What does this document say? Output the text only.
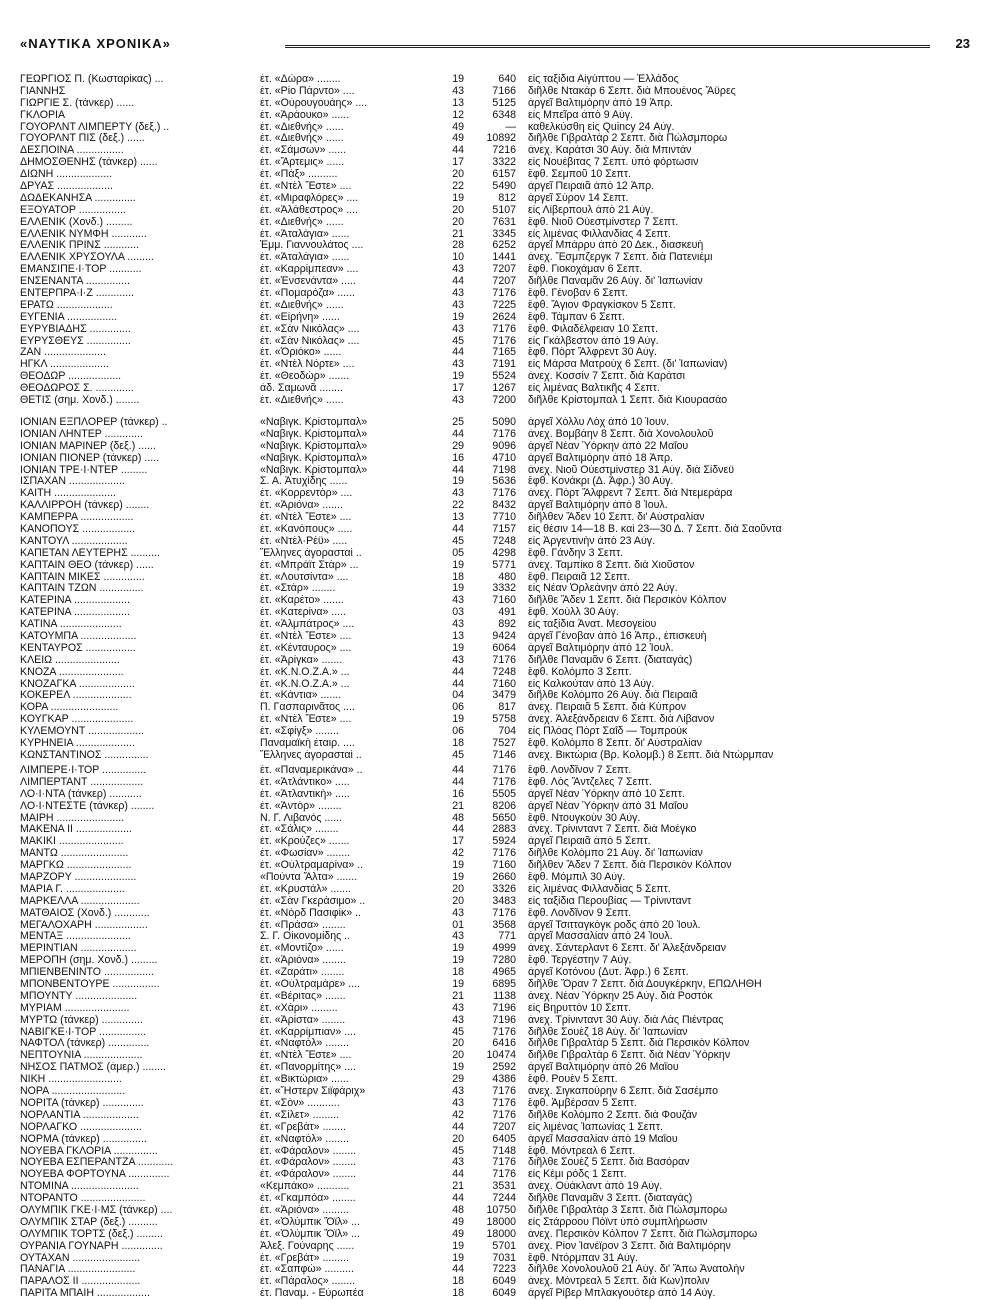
«ΝΑΥΤΙΚΑ ΧΡΟΝΙΚΑ»	23
ΓΕΩΡΓΙΟΣ Π. (Κωσταρίκας) ...	ἐτ. «Δώρα» ........	19	640 εἰς ταξίδια Αἰγύπτου — Ἑλλάδος
ΓΙΑΝΝΗΣ	ἐτ. «Ρίο Πάρντο» ....	43	7166 διῆλθε Ντακάρ 6 Σεπτ. διὰ Μπουένος Ἄϋρες
ΓΙΩΡΓΙΕ Σ. (τάνκερ) ......	ἐτ. «Οὐρουγουάης» ....	13	5125 ἀργεῖ Βαλτιμόρην ἀπὸ 19 Ἀπρ.
ΓΚΛΟΡΙΑ	ἐτ. «Ἀράουκο» ......	12	6348 εἰς Μπεῖρα ἀπὸ 9 Αὐγ.
ΓΟΥΟΡΛΝΤ ΛΙΜΠΕΡΤΥ (δεξ.) ..	ἐτ. «Διεθνής» ......	49	— καθελκύσθη εἰς Quincy 24 Αὐγ.
ΓΟΥΟΡΛΝΤ ΠΙΣ (δεξ.) ......	ἐτ. «Διεθνής» ......	49	10892 διῆλθε Γιβραλτὰρ 2 Σεπτ. διὰ Πώλσμπορω
ΔΕΣΠΟΙΝΑ ................	ἐτ. «Σάμσων» ......	44	7216 ἀνεχ. Καράτσι 30 Αὐγ. διὰ Μπιντάν
ΔΗΜΟΣΘΕΝΗΣ (τάνκερ) ......	ἐτ. «Ἄρτεμις» ......	17	3322 εἰς Νουέβιτας 7 Σεπτ. ὑπὸ φόρτωσιν
ΔΙΩΝΗ ...................	ἐτ. «Πάξ» ..........	20	6157 ἔφθ. Σεμποῦ 10 Σεπτ.
ΔΡΥΑΣ ...................	ἐτ. «Ντὲλ Ἔστε» ....	22	5490 ἀργεῖ Πειραιᾶ ἀπὸ 12 Ἀπρ.
ΔΩΔΕΚΑΝΗΣΑ ..............	ἐτ. «Μιραφλόρες» ....	19	812 ἀργεῖ Σύρον 14 Σεπτ.
ΕΞΟΥΑΤΟΡ ................	ἐτ. «Ἀλάθεστρος» ....	20	5107 εἰς Λίβερπουλ ἀπὸ 21 Αὐγ.
ΕΛΛΕΝΙΚ (Χονδ.) .........	ἐτ. «Διεθνής» ......	20	7631 ἔφθ. Νιοῦ Ούεστμίνστερ 7 Σεπτ.
ΕΛΛΕΝΙΚ ΝΥΜΦΗ ............	ἐτ. «Ἀταλάγια» ......	21	3345 εἰς λιμένας Φιλλανδίας 4 Σεπτ.
ΕΛΛΕΝΙΚ ΠΡΙΝΣ ............	Ἐμμ. Γιαννουλάτος ....	28	6252 ἀργεῖ Μπάρρυ ἀπὸ 20 Δεκ., διασκευὴ
ΕΛΛΕΝΙΚ ΧΡΥΣΟΥΛΑ .........	ἐτ. «Ἀταλάγια» ......	10	1441 ἀνεχ. Ἔσμπζεργκ 7 Σεπτ. διὰ Πατενιέμι
ΕΜΑΝΣΙΠΕ·Ι·ΤΟΡ ...........	ἐτ. «Καρρίμπεαν» ....	43	7207 ἔφθ. Γιοκοχάμαν 6 Σεπτ.
ΕΝΣΕΝΑΝΤΑ ...............	ἐτ. «Ἐνσενάντα» .....	44	7207 διῆλθε Παναμᾶν 26 Αὐγ. δι' Ἰαπωνίαν
ΕΝΤΕΡΠΡΑ·Ι·Ζ .............	ἐτ. «Πομαρόζα» ......	43	7176 ἔφθ. Γένοβαν 6 Σεπτ.
ΕΡΑΤΩ ...................	ἐτ. «Διεθνής» ......	43	7225 ἔφθ. Ἅγιον Φραγκίσκον 5 Σεπτ.
ΕΥΓΕΝΙΑ .................	ἐτ. «Εἰρήνη» ......	19	2624 ἔφθ. Τάμπαν 6 Σεπτ.
ΕΥΡΥΒΙΑΔΗΣ ..............	ἐτ. «Σὰν Νικόλας» ....	43	7176 ἔφθ. Φιλαδέλφειαν 10 Σεπτ.
ΕΥΡΥΣΘΕΥΣ ...............	ἐτ. «Σὰν Νικόλας» ....	45	7176 εἰς Γκάλβεστον ἀπὸ 19 Αὐγ.
ΖΑΝ .....................	ἐτ. «Ὀριόκο» ......	44	7165 ἔφθ. Πὸρτ Ἄλφρεντ 30 Αὐγ.
ΗΓΚΛ ....................	ἐτ. «Ντὲλ Νόρτε» ....	43	7191 εἰς Μάρσα Ματροὺχ 6 Σεπτ. (δι' Ἰαπωνίαν)
ΘΕΟΔΩΡ ..................	ἐτ. «Θεοδώρ» .......	19	5524 ἀνεχ. Κοσσὶν 7 Σεπτ. διὰ Καράτσι
ΘΕΟΔΩΡΟΣ Σ. .............	ἀδ. Σαμωνᾶ ........	17	1267 εἰς λιμένας Βαλτικῆς 4 Σεπτ.
ΘΕΤΙΣ (σημ. Χονδ.) ........	ἐτ. «Διεθνής» ......	43	7200 διῆλθε Κρίστομπαλ 1 Σεπτ. διὰ Κιουρασάο
ΙΟΝΙΑΝ ΕΞΠΛΟΡΕΡ (τάνκερ) ..	«Ναβιγκ. Κρίστομπαλ»	25	5090 ἀργεῖ Χόλλυ Λὸχ ἀπὸ 10 Ἰουν.
ΙΟΝΙΑΝ ΛΗΝΤΕΡ .............	«Ναβιγκ. Κρίστομπαλ»	44	7176 ἀνεχ. Βομβάην 8 Σεπτ. διὰ Χονολουλοῦ
ΙΟΝΙΑΝ ΜΑΡΙΝΕΡ (δεξ.) ......	«Ναβιγκ. Κρίστομπαλ»	29	9096 ἀργεῖ Νέαν Ὑόρκην ἀπὸ 22 Μαΐου
ΙΟΝΙΑΝ ΠΙΟΝΕΡ (τάνκερ) .....	«Ναβιγκ. Κρίστομπαλ»	16	4710 ἀργεῖ Βαλτιμόρην ἀπὸ 18 Ἀπρ.
ΙΟΝΙΑΝ ΤΡΕ·Ι·ΝΤΕΡ .........	«Ναβιγκ. Κρίστομπαλ»	44	7198 ἀνεχ. Νιοῦ Ούεστμίνστερ 31 Αὐγ. διὰ Σίδνεϋ
ΙΣΠΑΧΑΝ ...................	Σ. Α. Ἀτυχίδης ......	19	5636 ἔφθ. Κονάκρι (Δ. Ἀφρ.) 30 Αὐγ.
ΚΑΙΤΗ .....................	ἐτ. «Κορρεντὸρ» ....	43	7176 ἀνεχ. Πὸρτ Ἄλφρεντ 7 Σεπτ. διὰ Ντεμεράρα
ΚΑΛΛΙΡΡΟΗ (τάνκερ) ........	ἐτ. «Ἀριόνα» .......	22	8432 ἀργεῖ Βαλτιμόρην ἀπὸ 8 Ἰουλ.
ΚΑΜΠΕΡΡΑ ..................	ἐτ. «Ντὲλ Ἔστε» ....	13	7710 διῆλθεν Ἄδεν 10 Σεπτ. δι' Αὐστραλίαν
ΚΑΝΟΠΟΥΣ ..................	ἐτ. «Κανόπους» .....	44	7157 εἰς θέσιν 14—18 Β. καὶ 23—30 Δ. 7 Σεπτ. διὰ Σαοῦντα
ΚΑΝΤΟΥΛ ...................	ἐτ. «Ντὲλ·Ρέϋ» .....	45	7248 εἰς Ἀργεντινὴν ἀπὸ 23 Αὐγ.
ΚΑΠΕΤΑΝ ΛΕΥΤΕΡΗΣ ..........	Ἕλληνες ἀγορασταὶ ..	05	4298 ἔφθ. Γάνδην 3 Σεπτ.
ΚΑΠΤΑΙΝ ΘΕΟ (τάνκερ) ......	ἐτ. «Μπράϊτ Στὰρ» ...	19	5771 ἀνεχ. Ταμπίκο 8 Σεπτ. διὰ Χιοῦστον
ΚΑΠΤΑΙΝ ΜΙΚΕΣ ..............	ἐτ. «Λουτσίντα» ....	18	480 ἔφθ. Πειραιᾶ 12 Σεπτ.
ΚΑΠΤΑΙΝ ΤΖΩΝ ...............	ἐτ. «Στάρ» ........	19	3332 εἰς Νέαν Ὀρλεάνην ἀπὸ 22 Αὐγ.
ΚΑΤΕΡΙΝΑ ...................	ἐτ. «Καρέτο» .......	43	7160 διῆλθε Ἄδεν 1 Σεπτ. διὰ Περσικὸν Κόλπον
ΚΑΤΕΡΙΝΑ ...................	ἐτ. «Κατερίνα» .....	03	491 ἔφθ. Χοὺλλ 30 Αὐγ.
ΚΑΤΙΝΑ .....................	ἐτ. «Ἀλμπάτρος» ....	43	892 εἰς ταξίδια Ἀνατ. Μεσογείου
ΚΑΤΟΥΜΠΑ ...................	ἐτ. «Ντὲλ Ἔστε» ....	13	9424 ἀργεῖ Γένοβαν ἀπὸ 16 Ἀπρ., ἐπισκευὴ
ΚΕΝΤΑΥΡΟΣ .................	ἐτ. «Κένταυρος» ....	19	6064 ἀργεῖ Βαλτιμόρην ἀπὸ 12 Ἰουλ.
ΚΛΕΙΩ ......................	ἐτ. «Ἀρίγκα» .......	43	7176 διῆλθε Παναμᾶν 6 Σεπτ. (διαταγὰς)
ΚΝΟΖΑ ......................	ἐτ. «Κ.Ν.Ο.Ζ.Α.» ...	44	7248 ἔφθ. Κολόμπο 3 Σεπτ.
ΚΝΟΖΑΓΚΑ ...................	ἐτ. «Κ.Ν.Ο.Ζ.Α.» ...	44	7160 εἰς Καλκούταν ἀπὸ 13 Αὐγ.
ΚΟΚΕΡΕΛ ....................	ἐτ. «Κάντια» .......	04	3479 διῆλθε Κολόμπο 26 Αὐγ. διὰ Πειραιᾶ
ΚΟΡΑ .......................	Π. Γασπαρινᾶτος ....	06	817 ἀνεχ. Πειραιᾶ 5 Σεπτ. διὰ Κύπρον
ΚΟΥΓΚΑΡ .....................	ἐτ. «Ντὲλ Ἔστε» ....	19	5758 ἀνεχ. Ἀλεξάνδρειαν 6 Σεπτ. διὰ Λίβανον
ΚΥΛΕΜΟΥΝΤ ...................	ἐτ. «Σφίγξ» ........	06	704 εἰς Πλόας Πὸρτ Σαΐδ — Τομπρούκ
ΚΥΡΗΝΕΙΑ ....................	Παναμαϊκὴ ἑταιρ. ....	18	7527 ἔφθ. Κολόμπο 8 Σεπτ. δι' Αὐστραλίαν
ΚΩΝΣΤΑΝΤΙΝΟΣ ...............	Ἕλληνες ἀγορασταὶ ..	45	7146 ἀνεχ. Βικτώρια (Βρ. Κολομβ.) 8 Σεπτ. διὰ Ντώρμπαν
ΛΙΜΠΕΡΕ·Ι·ΤΟΡ ...............	ἐτ. «Παναμερικάνα» ..	44	7176 ἔφθ. Λονδῖνον 7 Σεπτ.
ΛΙΜΠΕΡΤΑΝΤ ..................	ἐτ. «Ἀτλάντικο» .....	44	7176 ἔφθ. Λὸς Ἄντζελες 7 Σεπτ.
ΛΟ·Ι·ΝΤΑ (τάνκερ) ...........	ἐτ. «Ἀτλαντικὴ» .....	16	5505 ἀργεῖ Νέαν Ὑόρκην ἀπὸ 10 Σεπτ.
ΛΟ·Ι·ΝΤΕΣΤΕ (τάνκερ) ........	ἐτ. «Ἀντὸρ» ........	21	8206 ἀργεῖ Νέαν Ὑόρκην ἀπὸ 31 Μαΐου
ΜΑΙΡΗ .......................	Ν. Γ. Λιβανός ......	48	5650 ἔφθ. Ντουγκοὺν 30 Αὐγ.
ΜΑΚΕΝΑ ΙΙ ...................	ἐτ. «Σάλις» ........	44	2883 ἀνεχ. Τρίνινταντ 7 Σεπτ. διὰ Μοέγκο
ΜΑΚΙΚΙ ......................	ἐτ. «Κρούζες» .......	17	5924 ἀργεῖ Πειραιᾶ ἀπὸ 5 Σεπτ.
ΜΑΝΤΩ .......................	ἐτ. «Φωσίαν» ........	42	7176 διῆλθε Κολόμπο 21 Αὐγ. δι' Ἰαπωνίαν
ΜΑΡΓΚΩ ......................	ἐτ. «Οὐλτραμαρίνα» ..	19	7160 διῆλθεν Ἄδεν 7 Σεπτ. διὰ Περσικὸν Κόλπον
ΜΑΡΖΟΡΥ .....................	«Πούντα Ἄλτα» .......	19	2660 ἔφθ. Μόμπιλ 30 Αὐγ.
ΜΑΡΙΑ Γ. ....................	ἐτ. «Κρυστάλ» .......	20	3326 εἰς λιμένας Φιλλανδίας 5 Σεπτ.
ΜΑΡΚΕΛΛΑ ....................	ἐτ. «Σὰν Γκεράσιμο» ..	20	3483 εἰς ταξίδια Περουβίας — Τρίνινταντ
ΜΑΤΘΑΙΟΣ (Χονδ.) ............	ἐτ. «Νὸρδ Πασιφίκ» ..	43	7176 ἔφθ. Λονδῖνον 9 Σεπτ.
ΜΕΓΑΛΟΧΑΡΗ ..................	ἐτ. «Πράσα» ........	01	3568 ἀργεῖ Τσιτταγκὸγκ ροδς ἀπὸ 20 Ἰουλ.
ΜΕΝΤΑΞ ......................	Σ. Γ. Οἰκονομίδης ..	43	771 ἀργεῖ Μασσαλίαν ἀπὸ 24 Ἰουλ.
ΜΕΡΙΝΤΙΑΝ ...................	ἐτ. «Μοντίζο» ......	19	4999 ἀνεχ. Σάντερλαντ 6 Σεπτ. δι' Ἀλεξάνδρειαν
ΜΕΡΟΠΗ (σημ. Χονδ.) .........	ἐτ. «Ἀριόνα» ........	19	7280 ἔφθ. Τεργέστην 7 Αὐγ.
ΜΠΙΕΝΒΕΝΙΝΤΟ .................	ἐτ. «Ζαράτι» ........	18	4965 ἀργεῖ Κοτόνου (Δυτ. Ἀφρ.) 6 Σεπτ.
ΜΠΟΝΒΕΝΤΟΥΡΕ ................	ἐτ. «Οὐλτραμάρε» ....	19	6895 διῆλθε Ὅραν 7 Σεπτ. διὰ Δουγκέρκην, ΕΠΩΛΗΘΗ
ΜΠΟΥΝΤΥ .....................	ἐτ. «Βέριτας» .......	21	1138 ἀνεχ. Νέαν Ὑόρκην 25 Αὐγ. διὰ Ροστόκ
ΜΥΡΙΑΜ ......................	ἐτ. «Χάρι» .........	43	7196 εἰς Βηρυττὸν 10 Σεπτ.
ΜΥΡΤΩ (τάνκερ) ..............	ἐτ. «Ἀρίστα» ........	43	7196 ἀνεχ. Τρίνινταντ 30 Αὐγ. διὰ Λὰς Πιέντρας
ΝΑΒΙΓΚΕ·Ι·ΤΟΡ ................	ἐτ. «Καρρίμπιαν» ....	45	7176 διῆλθε Σουὲζ 18 Αὐγ. δι' Ἰαπωνίαν
ΝΑΦΤΟΛ (τάνκερ) ..............	ἐτ. «Ναφτὸλ» ........	20	6416 διῆλθε Γιβραλτὰρ 5 Σεπτ. διὰ Περσικὸν Κόλπον
ΝΕΠΤΟΥΝΙΑ ....................	ἐτ. «Ντὲλ Ἔστε» ....	20	10474 διῆλθε Γιβραλτὰρ 6 Σεπτ. διὰ Νέαν Ὑόρκην
ΝΗΣΟΣ ΠΑΤΜΟΣ (ἀμερ.) ........	ἐτ. «Πανορμίτης» ....	19	2592 ἀργεῖ Βαλτιμόρην ἀπὸ 26 Μαΐου
ΝΙΚΗ .........................	ἐτ. «Βικτώρια» ......	29	4386 ἔφθ. Ρουὲν 5 Σεπτ.
ΝΟΡΑ .........................	ἐτ. «Ἥστερν Σιϊφάριχ»	43	7176 ἀνεχ. Σιγκαπούρην 6 Σεπτ. διὰ Σασέμπο
ΝΟΡΙΤΑ (τάνκερ) ..............	ἐτ. «Σὸν» ...........	43	7176 ἔφθ. Ἀμβέρσαν 5 Σεπτ.
ΝΟΡΛΑΝΤΙΑ ...................	ἐτ. «Σίλετ» .........	42	7176 διῆλθε Κολόμπο 2 Σεπτ. διὰ Φουζάν
ΝΟΡΛΑΓΚΟ .....................	ἐτ. «Γρεβάτ» ........	44	7207 εἰς λιμένας Ἰαπωνίας 1 Σεπτ.
ΝΟΡΜΑ (τάνκερ) ...............	ἐτ. «Ναφτὸλ» ........	20	6405 ἀργεῖ Μασσαλίαν ἀπὸ 19 Μαΐου
ΝΟΥΕΒΑ ΓΚΛΟΡΙΑ ...............	ἐτ. «Φάραλον» ........	45	7148 ἔφθ. Μόντρεαλ 6 Σεπτ.
ΝΟΥΕΒΑ ΕΣΠΕΡΑΝΤΖΑ ............	ἐτ. «Φάραλον» ........	43	7176 διῆλθε Σουὲζ 5 Σεπτ. διὰ Βασόραν
ΝΟΥΕΒΑ ΦΟΡΤΟΥΝΑ ..............	ἐτ. «Φάραλον» ........	44	7176 εἰς Κέμι ρόδς 1 Σεπτ.
ΝΤΟΜΙΝΑ .......................	«Κεμπάκο» ...........	21	3531 ἀνεχ. Οὐάκλαντ ἀπὸ 19 Αὐγ.
ΝΤΟΡΑΝΤΟ ......................	ἐτ. «Γκαμπόα» ........	44	7244 διῆλθε Παναμᾶν 3 Σεπτ. (διαταγὰς)
ΟΛΥΜΠΙΚ ΓΚΕ·Ι·ΜΣ (τάνκερ) ....	ἐτ. «Ἀριόνα» .........	48	10750 διῆλθε Γιβραλτὰρ 3 Σεπτ. διὰ Πώλσμπορω
ΟΛΥΜΠΙΚ ΣΤΑΡ (δεξ.) ..........	ἐτ. «Ὀλύμπικ Ὄϊλ» ...	49	18000 εἰς Στάρροου Πόϊντ ὑπὸ συμπλήρωσιν
ΟΛΥΜΠΙΚ ΤΟΡΤΣ (δεξ.) .........	ἐτ. «Ὀλύμπικ Ὄϊλ» ...	49	18000 ἀνεχ. Περσικὸν Κόλπον 7 Σεπτ. διὰ Πώλσμπορω
ΟΥΡΑΝΙΑ ΓΟΥΝΑΡΗ ..............	Ἀλεξ. Γούναρης ......	19	5701 ἀνεχ. Ρίον Ἰανέϊρον 3 Σεπτ. διὰ Βαλτιμόρην
ΟΥΤΑΧΑΝ .......................	ἐτ. «Γρεβάτ» .........	19	7031 ἔφθ. Ντόρμπαν 31 Αὐγ.
ΠΑΝΑΓΙΑ .......................	ἐτ. «Σαπφώ» ..........	44	7223 διῆλθε Χονολουλοῦ 21 Αὐγ. δι' Ἄπω Ἀνατολὴν
ΠΑΡΑΛΟΣ ΙΙ ....................	ἐτ. «Πάραλος» ........	18	6049 ἀνεχ. Μόντρεαλ 5 Σεπτ. διὰ Κων)πολιν
ΠΑΡΙΤΑ ΜΠΑΙΗ ..................	ἐτ. Παναμ. - Εὐρωπέα	18	6049 ἀργεῖ Ρίβερ Μπλακγουότερ ἀπὸ 14 Αὐγ.
